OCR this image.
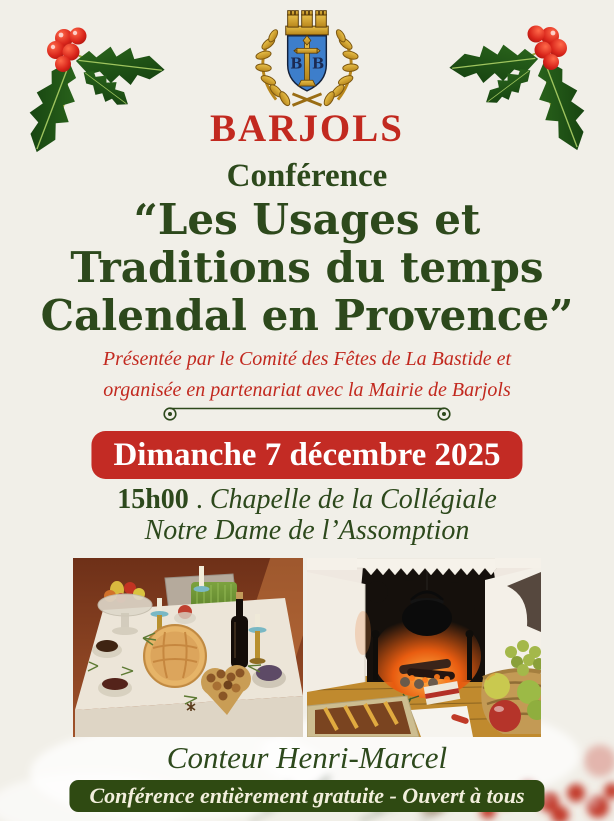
B B
BARJOLS
Conférence
“Les Usages et
Traditions du temps
Calendal en Provence”
Présentée par le Comité des Fêtes de La Bastide et
organisée en partenariat avec la Mairie de Barjols
Dimanche 7 décembre 2025
15h00 . Chapelle de la Collégiale
Notre Dame de l’Assomption
Conteur Henri-Marcel
Conférence entièrement gratuite - Ouvert à tous
